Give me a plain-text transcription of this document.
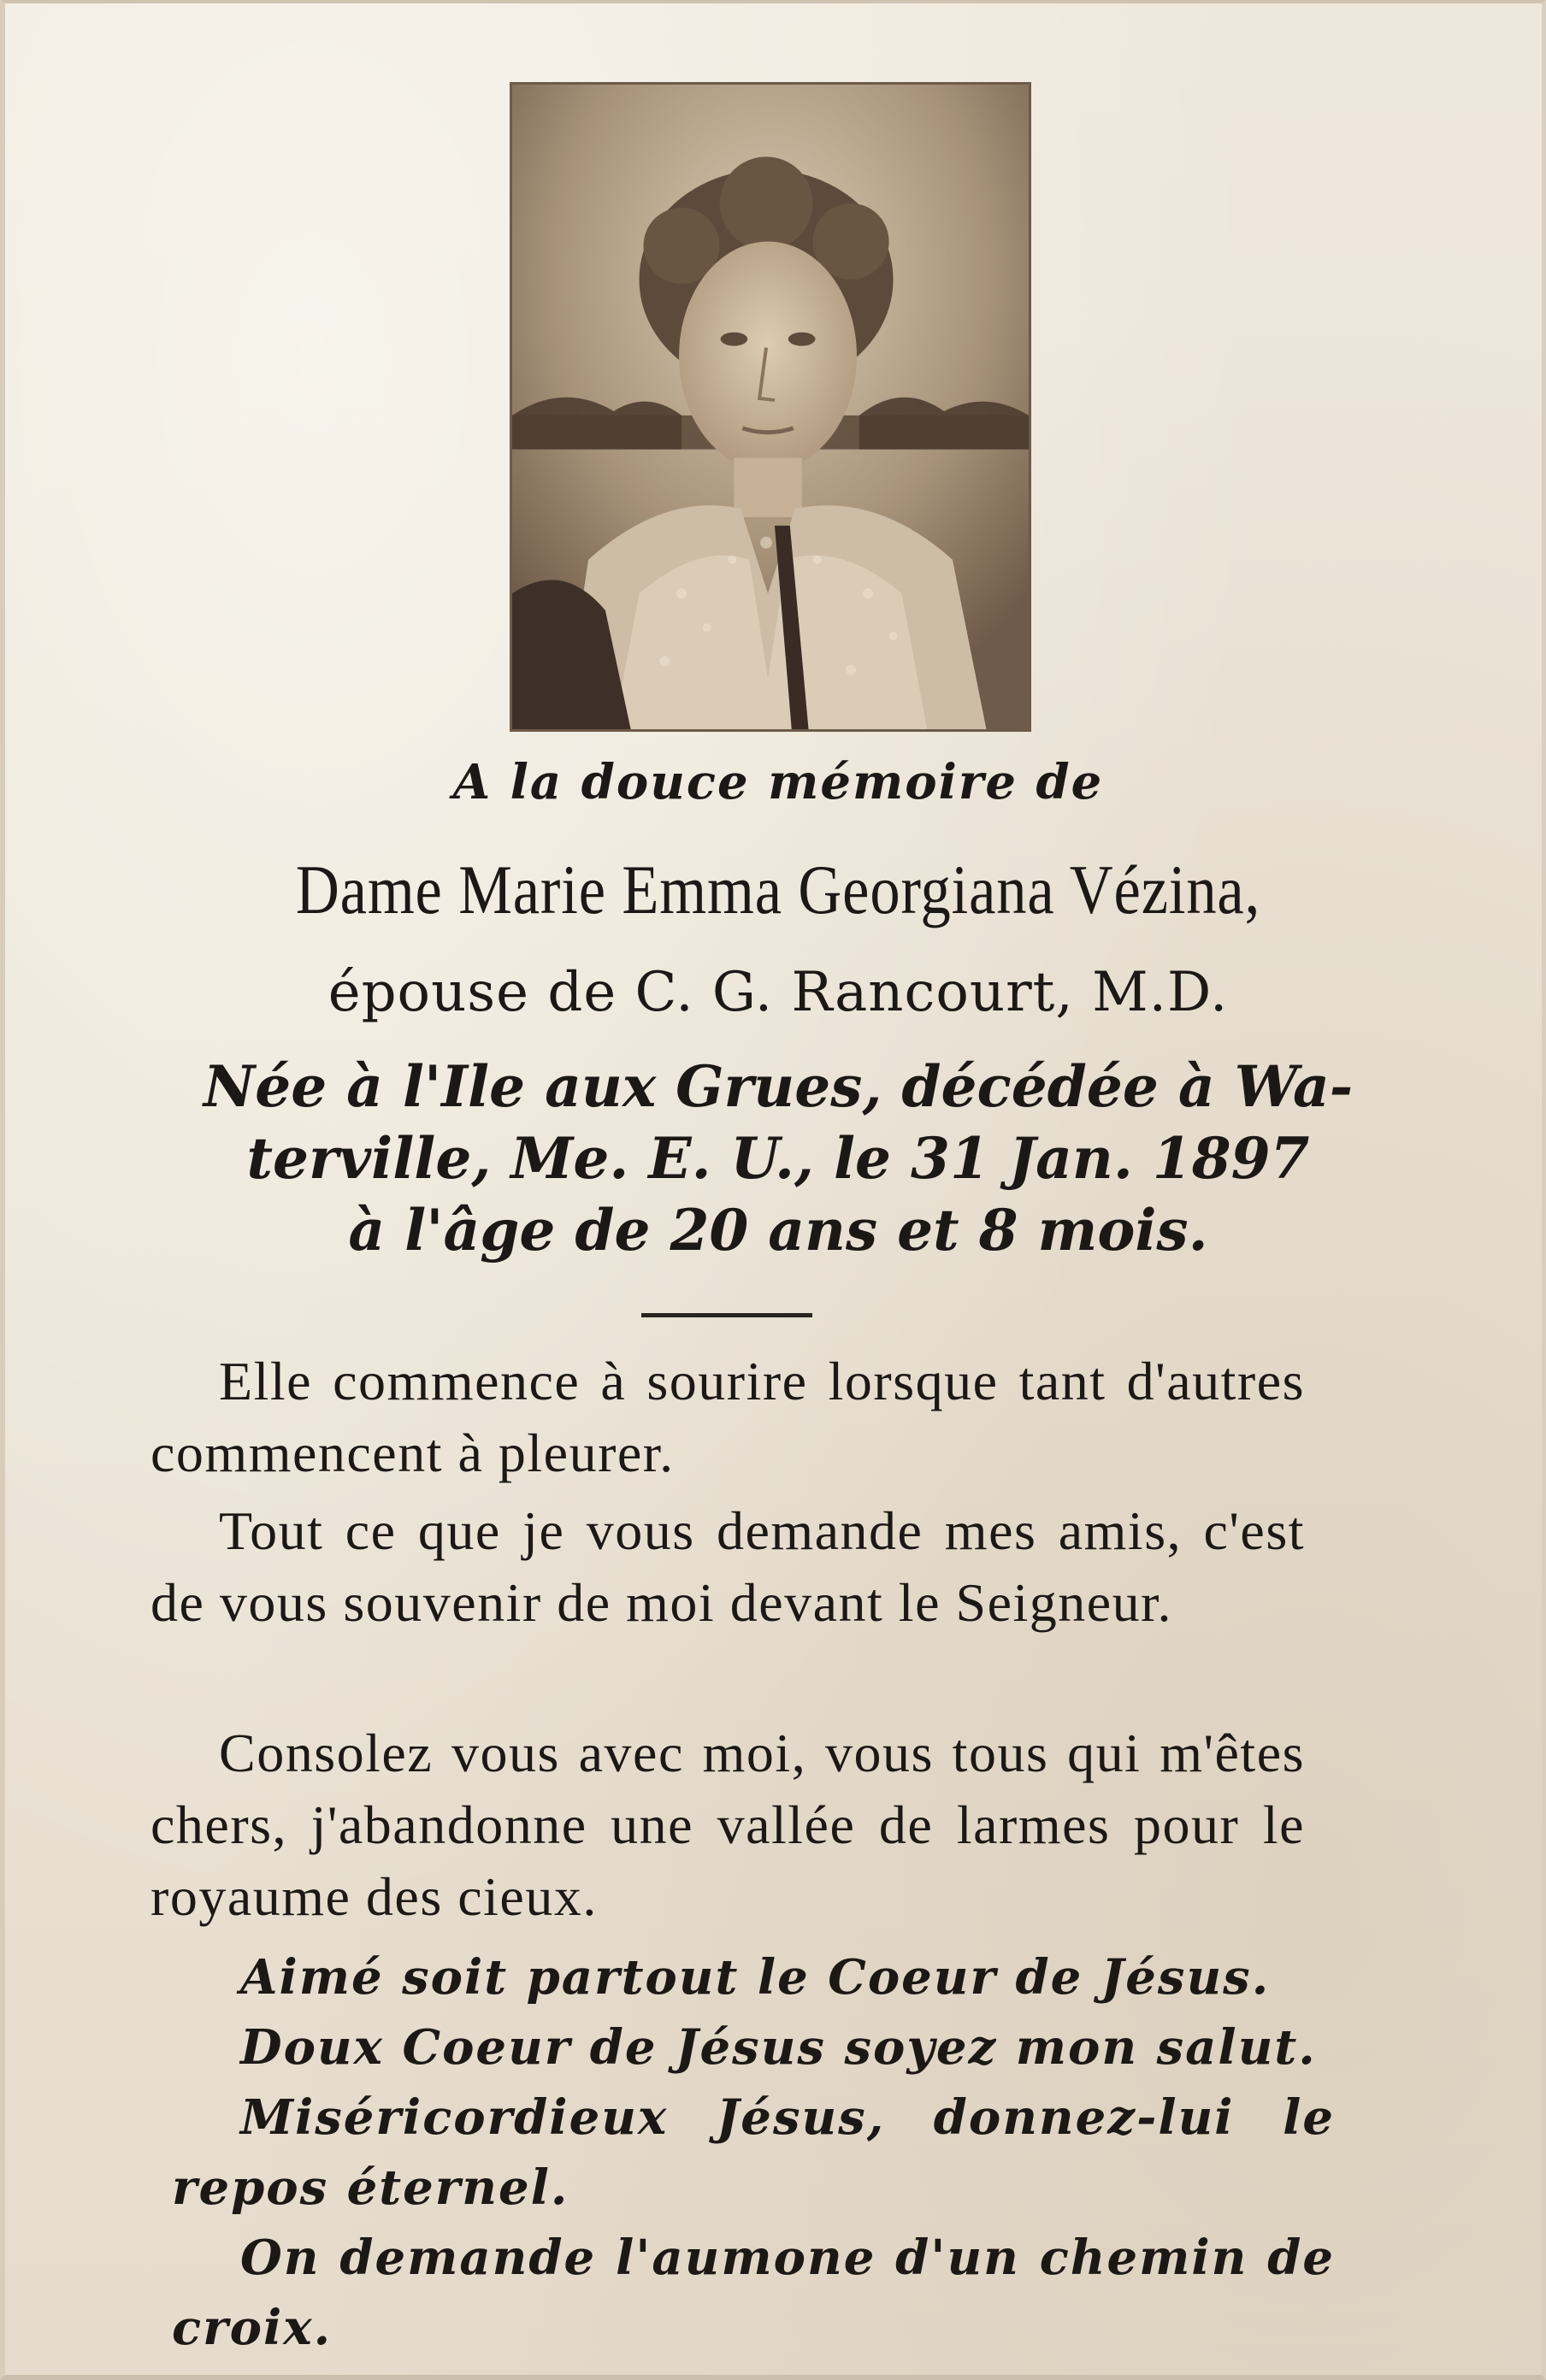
A la douce mémoire de
Dame Marie Emma Georgiana Vézina,
épouse de C. G. Rancourt, M.D.
Née à l'Ile aux Grues, décédée à Wa-
terville, Me. E. U., le 31 Jan. 1897
à l'âge de 20 ans et 8 mois.
Elle commence à sourire lorsque tant d'autres commencent à pleurer.
Tout ce que je vous demande mes amis, c'est de vous souvenir de moi devant le Seigneur.
Consolez vous avec moi, vous tous qui m'êtes chers, j'abandonne une vallée de larmes pour le royaume des cieux.
Aimé soit partout le Coeur de Jésus.
Doux Coeur de Jésus soyez mon salut.
Miséricordieux Jésus, donnez-lui le repos éternel.
On demande l'aumone d'un chemin de croix.
